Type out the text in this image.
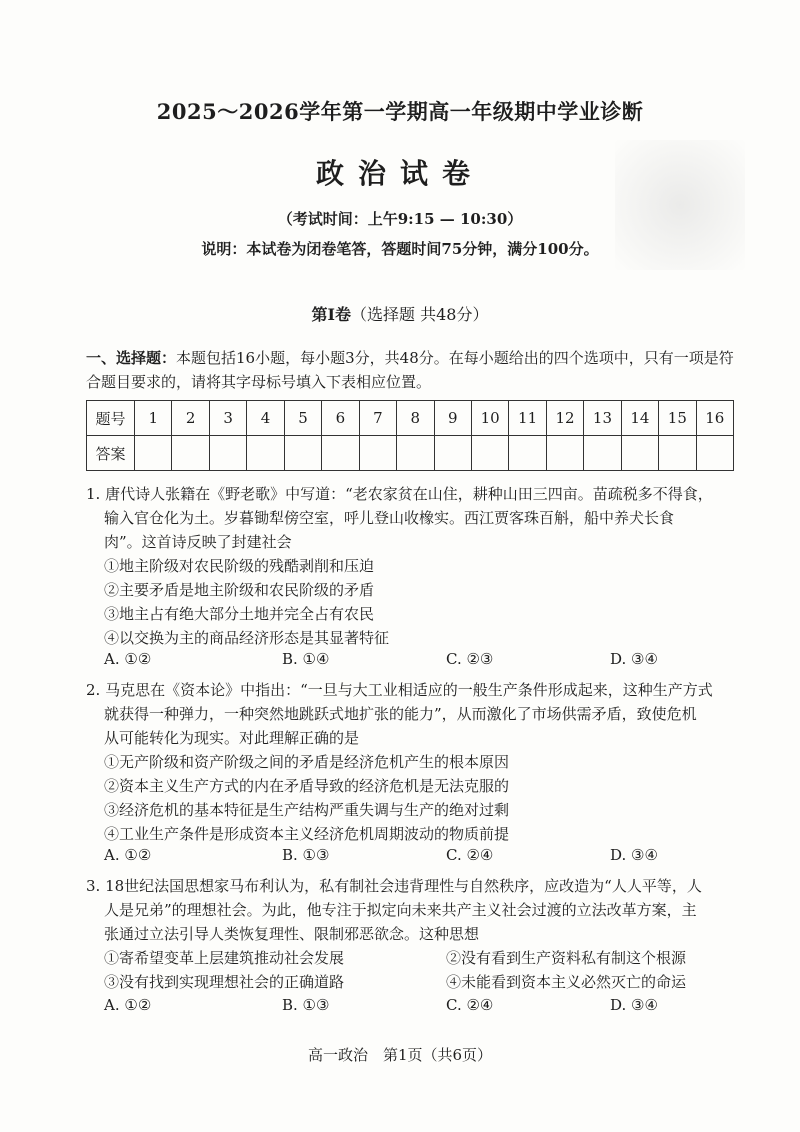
2025～2026学年第一学期高一年级期中学业诊断
政治试卷
（考试时间：上午9:15 — 10:30）
说明：本试卷为闭卷笔答，答题时间75分钟，满分100分。
第Ⅰ卷（选择题 共48分）
一、选择题：本题包括16小题，每小题3分，共48分。在每小题给出的四个选项中，只有一项是符合题目要求的，请将其字母标号填入下表相应位置。
题号	1	2	3	4	5	6	7	8	9	10	11	12	13	14	15	16
答案																
1. 唐代诗人张籍在《野老歌》中写道：“老农家贫在山住，耕种山田三四亩。苗疏税多不得食，
输入官仓化为土。岁暮锄犁傍空室，呼儿登山收橡实。西江贾客珠百斛，船中养犬长食
肉”。这首诗反映了封建社会
①地主阶级对农民阶级的残酷剥削和压迫
②主要矛盾是地主阶级和农民阶级的矛盾
③地主占有绝大部分土地并完全占有农民
④以交换为主的商品经济形态是其显著特征
A. ①②	B. ①④	C. ②③	D. ③④
2. 马克思在《资本论》中指出：“一旦与大工业相适应的一般生产条件形成起来，这种生产方式
就获得一种弹力，一种突然地跳跃式地扩张的能力”，从而激化了市场供需矛盾，致使危机
从可能转化为现实。对此理解正确的是
①无产阶级和资产阶级之间的矛盾是经济危机产生的根本原因
②资本主义生产方式的内在矛盾导致的经济危机是无法克服的
③经济危机的基本特征是生产结构严重失调与生产的绝对过剩
④工业生产条件是形成资本主义经济危机周期波动的物质前提
A. ①②	B. ①③	C. ②④	D. ③④
3. 18世纪法国思想家马布利认为，私有制社会违背理性与自然秩序，应改造为“人人平等，人
人是兄弟”的理想社会。为此，他专注于拟定向未来共产主义社会过渡的立法改革方案，主
张通过立法引导人类恢复理性、限制邪恶欲念。这种思想
①寄希望变革上层建筑推动社会发展	②没有看到生产资料私有制这个根源
③没有找到实现理想社会的正确道路	④未能看到资本主义必然灭亡的命运
A. ①②	B. ①③	C. ②④	D. ③④
高一政治　第1页（共6页）
